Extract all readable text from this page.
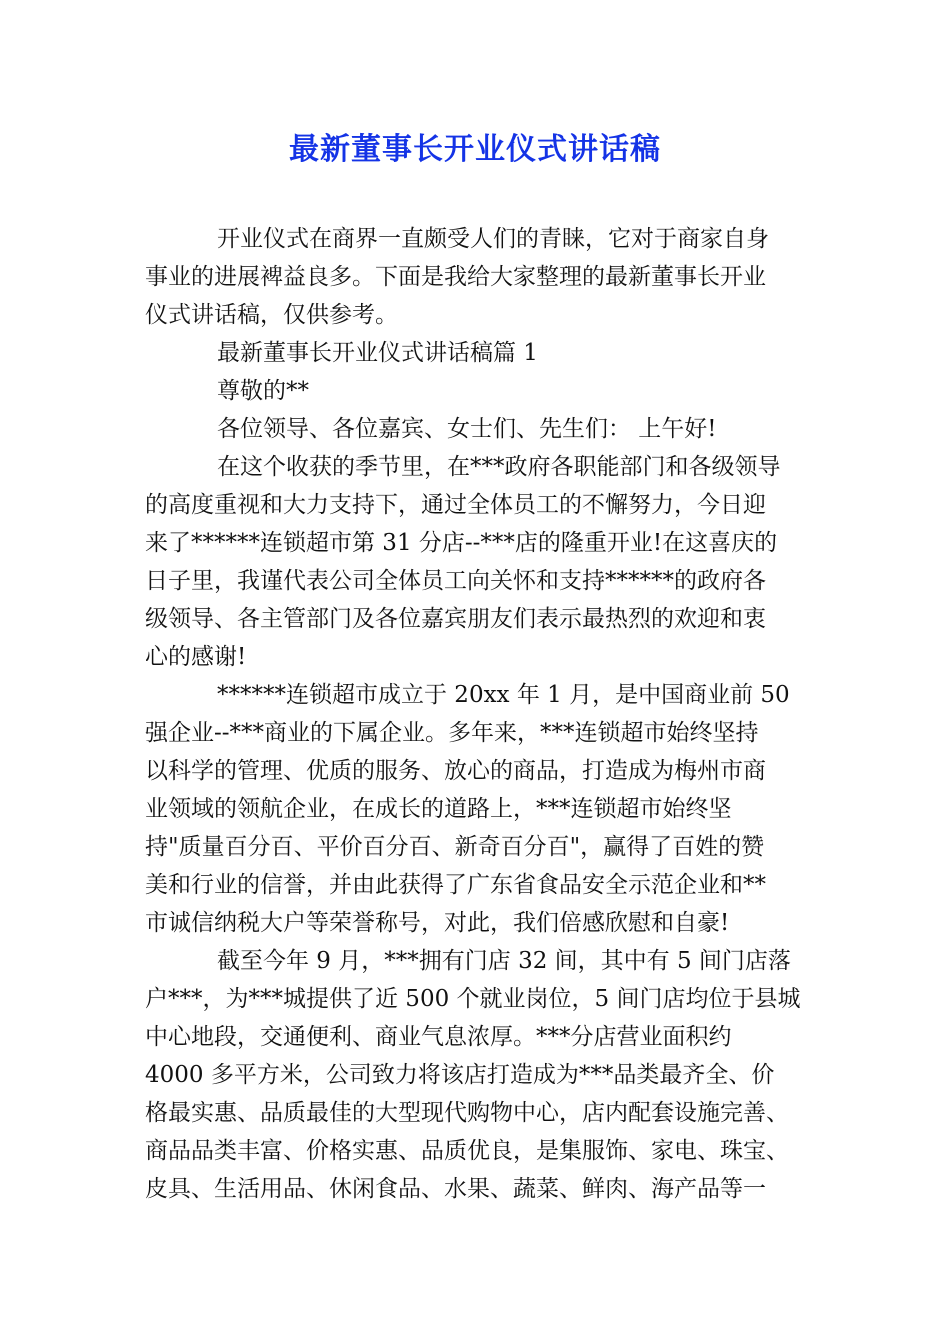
最新董事长开业仪式讲话稿
开业仪式在商界一直颇受人们的青睐，它对于商家自身
事业的进展裨益良多。下面是我给大家整理的最新董事长开业
仪式讲话稿，仅供参考。
最新董事长开业仪式讲话稿篇 1
尊敬的**
各位领导、各位嘉宾、女士们、先生们： 上午好!
在这个收获的季节里，在***政府各职能部门和各级领导
的高度重视和大力支持下，通过全体员工的不懈努力，今日迎
来了******连锁超市第 31 分店--***店的隆重开业!在这喜庆的
日子里，我谨代表公司全体员工向关怀和支持******的政府各
级领导、各主管部门及各位嘉宾朋友们表示最热烈的欢迎和衷
心的感谢!
******连锁超市成立于 20xx 年 1 月，是中国商业前 50
强企业--***商业的下属企业。多年来，***连锁超市始终坚持
以科学的管理、优质的服务、放心的商品，打造成为梅州市商
业领域的领航企业，在成长的道路上，***连锁超市始终坚
持"质量百分百、平价百分百、新奇百分百"，赢得了百姓的赞
美和行业的信誉，并由此获得了广东省食品安全示范企业和**
市诚信纳税大户等荣誉称号，对此，我们倍感欣慰和自豪!
截至今年 9 月，***拥有门店 32 间，其中有 5 间门店落
户***，为***城提供了近 500 个就业岗位，5 间门店均位于县城
中心地段，交通便利、商业气息浓厚。***分店营业面积约
4000 多平方米，公司致力将该店打造成为***品类最齐全、价
格最实惠、品质最佳的大型现代购物中心，店内配套设施完善、
商品品类丰富、价格实惠、品质优良，是集服饰、家电、珠宝、
皮具、生活用品、休闲食品、水果、蔬菜、鲜肉、海产品等一
